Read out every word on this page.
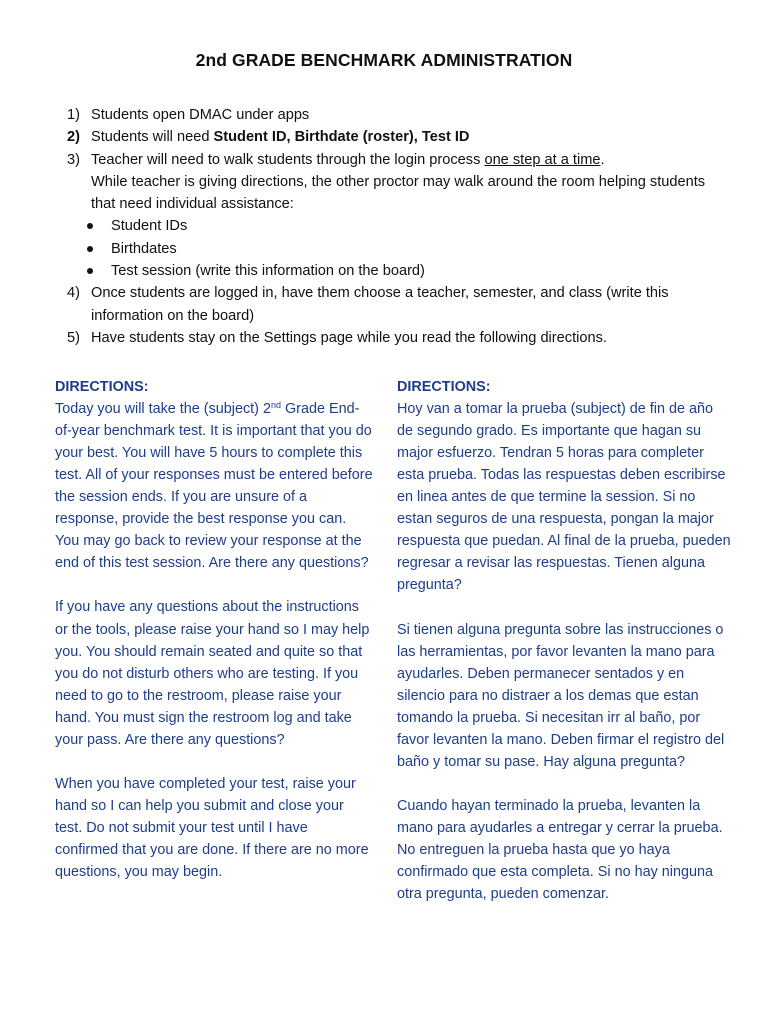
2nd GRADE BENCHMARK ADMINISTRATION
1) Students open DMAC under apps
2) Students will need Student ID, Birthdate (roster), Test ID
3) Teacher will need to walk students through the login process one step at a time.
While teacher is giving directions, the other proctor may walk around the room helping students that need individual assistance:
Student IDs
Birthdates
Test session (write this information on the board)
4) Once students are logged in, have them choose a teacher, semester, and class (write this information on the board)
5) Have students stay on the Settings page while you read the following directions.
DIRECTIONS:

Today you will take the (subject) 2nd Grade End-of-year benchmark test. It is important that you do your best. You will have 5 hours to complete this test. All of your responses must be entered before the session ends. If you are unsure of a response, provide the best response you can. You may go back to review your response at the end of this test session. Are there any questions?

If you have any questions about the instructions or the tools, please raise your hand so I may help you. You should remain seated and quite so that you do not disturb others who are testing. If you need to go to the restroom, please raise your hand. You must sign the restroom log and take your pass. Are there any questions?

When you have completed your test, raise your hand so I can help you submit and close your test. Do not submit your test until I have confirmed that you are done. If there are no more questions, you may begin.

DIRECTIONS:

Hoy van a tomar la prueba (subject) de fin de año de segundo grado. Es importante que hagan su major esfuerzo. Tendran 5 horas para completer esta prueba. Todas las respuestas deben escribirse en linea antes de que termine la session. Si no estan seguros de una respuesta, pongan la major respuesta que puedan. Al final de la prueba, pueden regresar a revisar las respuestas. Tienen alguna pregunta?

Si tienen alguna pregunta sobre las instrucciones o las herramientas, por favor levanten la mano para ayudarles. Deben permanecer sentados y en silencio para no distraer a los demas que estan tomando la prueba. Si necesitan irr al baño, por favor levanten la mano. Deben firmar el registro del baño y tomar su pase. Hay alguna pregunta?

Cuando hayan terminado la prueba, levanten la mano para ayudarles a entregar y cerrar la prueba. No entreguen la prueba hasta que yo haya confirmado que esta completa. Si no hay ninguna otra pregunta, pueden comenzar.
